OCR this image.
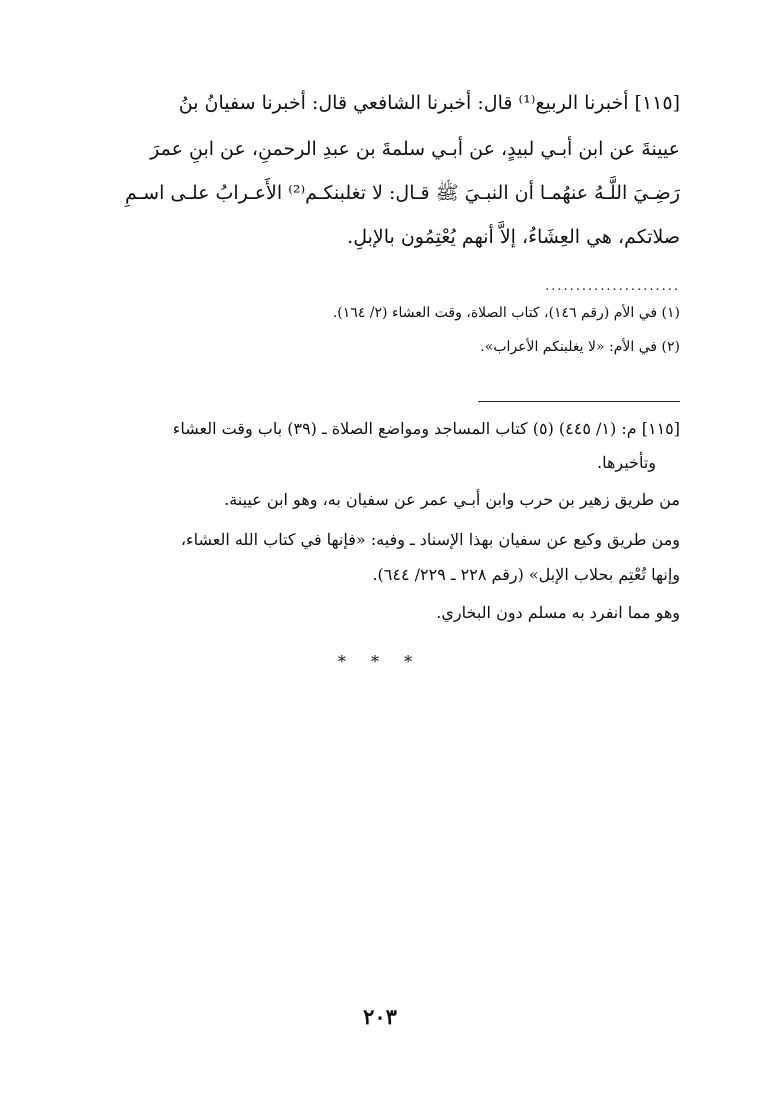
[١١٥] أخبرنا الربيع⁽¹⁾ قال: أخبرنا الشافعي قال: أخبرنا سفيانُ بنُ
عيينةَ عن ابن أبـي لبيدٍ، عن أبـي سلمةَ بن عبدِ الرحمنِ، عن ابنِ عمرَ
رَضِـيَ اللَّـهُ عنهُمـا أن النبـيَ ﷺ قـال: لا تغلبنكـم⁽²⁾ الأَعـرابُ علـى اسـمِ
صلاتكم، هي العِشَاءُ، إلاَّ أنهم يُعْتِمُون بالإبلِ.
......................
(١) في الأم (رقم ١٤٦)، كتاب الصلاة، وقت العشاء (٢/ ١٦٤).
(٢) في الأم: «لا يغلبنكم الأعراب».
[١١٥] م: (١/ ٤٤٥) (٥) كتاب المساجد ومواضع الصلاة ـ (٣٩) باب وقت العشاء
وتأخيرها.
من طريق زهير بن حرب وابن أبـي عمر عن سفيان به، وهو ابن عيينة.
ومن طريق وكيع عن سفيان بهذا الإسناد ـ وفيه: «فإنها في كتاب الله العشاء،
وإنها تُعْتِم بحلاب الإبل» (رقم ٢٢٨ ـ ٢٢٩/ ٦٤٤).
وهو مما انفرد به مسلم دون البخاري.
* * *
٢٠٣
